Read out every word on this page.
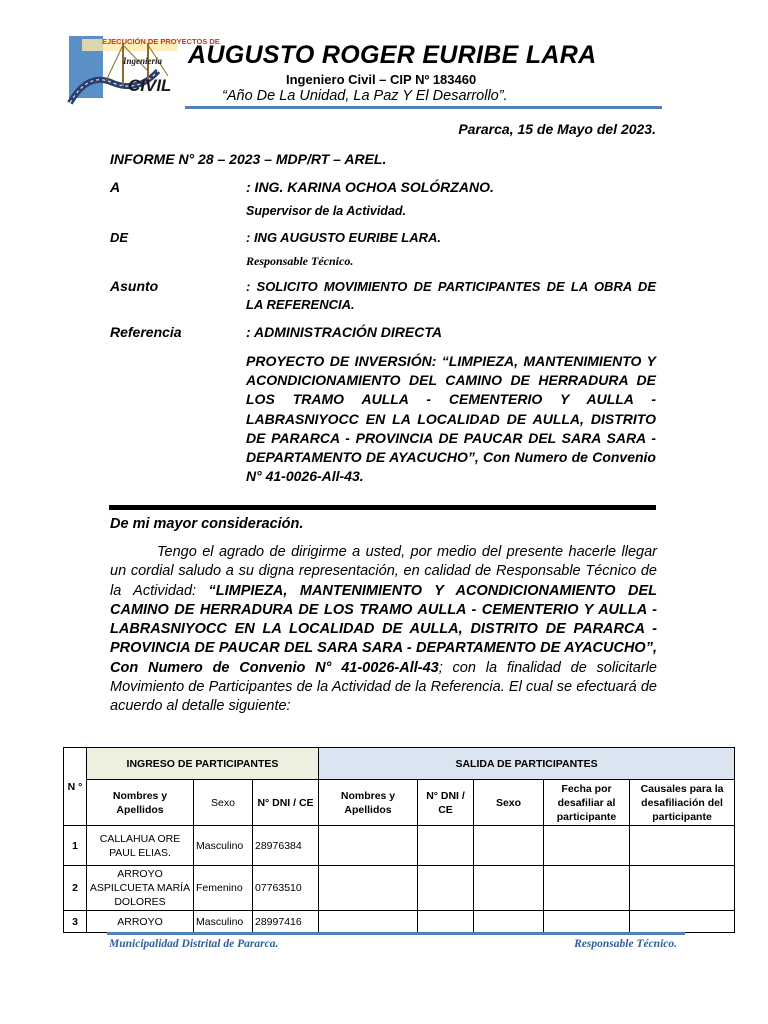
EJECUCIÓN DE PROYECTOS DE
Ingeniería
CIVIL
AUGUSTO ROGER EURIBE LARA
Ingeniero Civil – CIP Nº 183460
“Año De La Unidad, La Paz Y El Desarrollo”.
Pararca, 15 de Mayo del 2023.
INFORME N° 28 – 2023 – MDP/RT – AREL.
A	: ING. KARINA OCHOA SOLÓRZANO.
Supervisor de la Actividad.
DE	: ING AUGUSTO EURIBE LARA.
Responsable Técnico.
Asunto	: SOLICITO MOVIMIENTO DE PARTICIPANTES DE LA OBRA DE LA REFERENCIA.
Referencia	: ADMINISTRACIÓN DIRECTA
PROYECTO DE INVERSIÓN: “LIMPIEZA, MANTENIMIENTO Y ACONDICIONAMIENTO DEL CAMINO DE HERRADURA DE LOS TRAMO AULLA - CEMENTERIO Y AULLA - LABRASNIYOCC EN LA LOCALIDAD DE AULLA, DISTRITO DE PARARCA - PROVINCIA DE PAUCAR DEL SARA SARA - DEPARTAMENTO DE AYACUCHO”, Con Numero de Convenio N° 41-0026-All-43.
De mi mayor consideración.

Tengo el agrado de dirigirme a usted, por medio del presente hacerle llegar un cordial saludo a su digna representación, en calidad de Responsable Técnico de la Actividad: “LIMPIEZA, MANTENIMIENTO Y ACONDICIONAMIENTO DEL CAMINO DE HERRADURA DE LOS TRAMO AULLA - CEMENTERIO Y AULLA - LABRASNIYOCC EN LA LOCALIDAD DE AULLA, DISTRITO DE PARARCA - PROVINCIA DE PAUCAR DEL SARA SARA - DEPARTAMENTO DE AYACUCHO”, Con Numero de Convenio N° 41-0026-All-43; con la finalidad de solicitarle Movimiento de Participantes de la Actividad de la Referencia. El cual se efectuará de acuerdo al detalle siguiente:

N °	INGRESO DE PARTICIPANTES			SALIDA DE PARTICIPANTES				
	Nombres y Apellidos	Sexo	N° DNI / CE	Nombres y Apellidos	N° DNI / CE	Sexo	Fecha por desafiliar al participante	Causales para la desafiliación del participante
1	CALLAHUA ORE PAUL ELIAS.	Masculino	28976384					
2	ARROYO ASPILCUETA MARÍA DOLORES	Femenino	07763510					
3	ARROYO	Masculino	28997416					
Municipalidad Distrital de Pararca.	Responsable Técnico.
